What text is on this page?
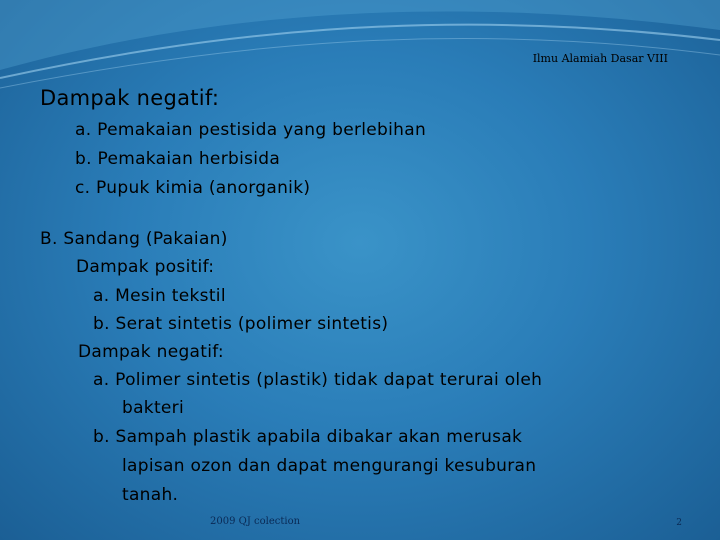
Ilmu Alamiah Dasar VIII
Dampak negatif:
a. Pemakaian pestisida yang berlebihan
b. Pemakaian herbisida
c. Pupuk kimia (anorganik)
B. Sandang (Pakaian)
Dampak positif:
a. Mesin tekstil
b. Serat sintetis (polimer sintetis)
Dampak negatif:
a. Polimer sintetis (plastik) tidak dapat terurai oleh
bakteri
b. Sampah plastik apabila dibakar akan merusak
lapisan ozon dan dapat mengurangi kesuburan
tanah.
2009 QJ colection	2
